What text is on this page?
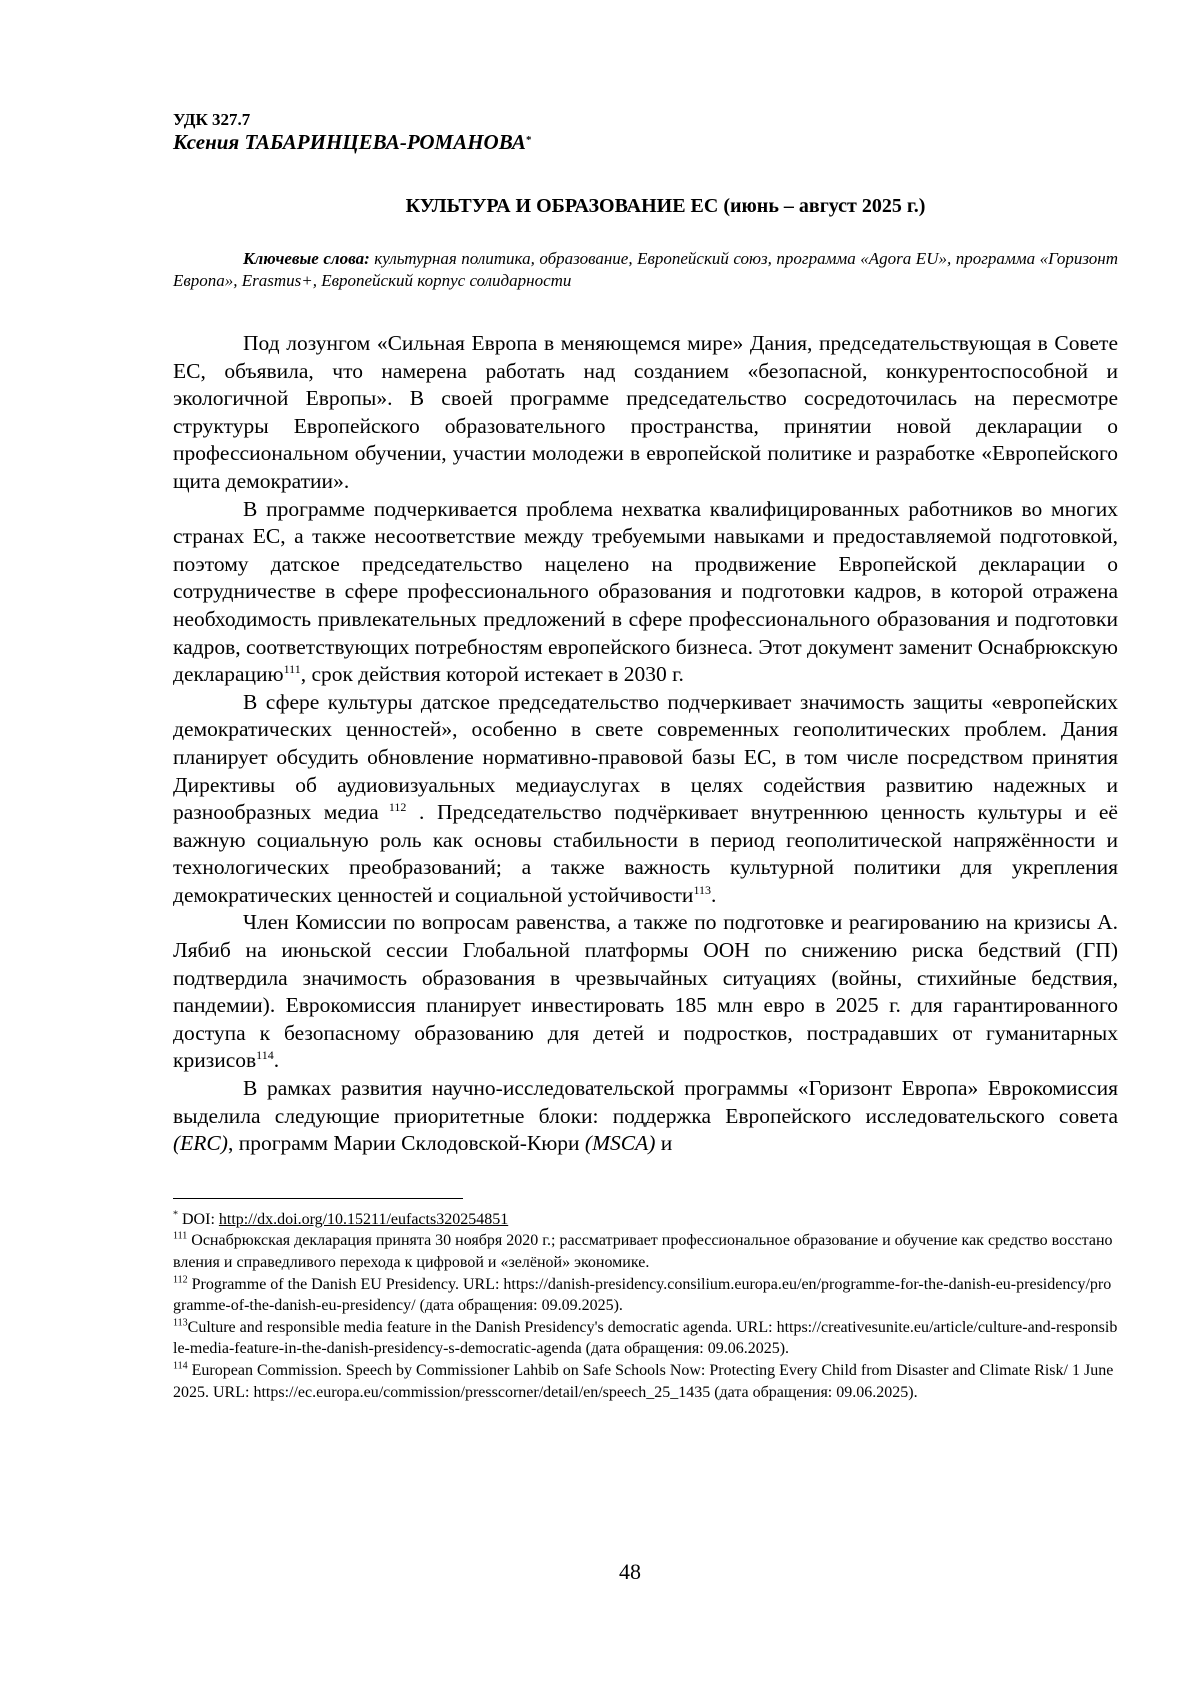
УДК 327.7

Ксения ТАБАРИНЦЕВА-РОМАНОВА*

КУЛЬТУРА И ОБРАЗОВАНИЕ ЕС (июнь – август 2025 г.)

Ключевые слова: культурная политика, образование, Европейский союз, программа «Agora EU», программа «Горизонт Европа», Erasmus+, Европейский корпус солидарности

Под лозунгом «Сильная Европа в меняющемся мире» Дания, председательствующая в Совете ЕС, объявила, что намерена работать над созданием «безопасной, конкурентоспособной и экологичной Европы». В своей программе председательство сосредоточилась на пересмотре структуры Европейского образовательного пространства, принятии новой декларации о профессиональном обучении, участии молодежи в европейской политике и разработке «Европейского щита демократии».

В программе подчеркивается проблема нехватка квалифицированных работников во многих странах ЕС, а также несоответствие между требуемыми навыками и предоставляемой подготовкой, поэтому датское председательство нацелено на продвижение Европейской декларации о сотрудничестве в сфере профессионального образования и подготовки кадров, в которой отражена необходимость привлекательных предложений в сфере профессионального образования и подготовки кадров, соответствующих потребностям европейского бизнеса. Этот документ заменит Оснабрюкскую декларацию$^{111}$, срок действия которой истекает в 2030 г.

В сфере культуры датское председательство подчеркивает значимость защиты «европейских демократических ценностей», особенно в свете современных геополитических проблем. Дания планирует обсудить обновление нормативно-правовой базы ЕС, в том числе посредством принятия Директивы об аудиовизуальных медиауслугах в целях содействия развитию надежных и разнообразных медиа $^{112}$ . Председательство подчёркивает внутреннюю ценность культуры и её важную социальную роль как основы стабильности в период геополитической напряжённости и технологических преобразований; а также важность культурной политики для укрепления демократических ценностей и социальной устойчивости$^{113}$.

Член Комиссии по вопросам равенства, а также по подготовке и реагированию на кризисы А. Лябиб на июньской сессии Глобальной платформы ООН по снижению риска бедствий (ГП) подтвердила значимость образования в чрезвычайных ситуациях (войны, стихийные бедствия, пандемии). Еврокомиссия планирует инвестировать 185 млн евро в 2025 г. для гарантированного доступа к безопасному образованию для детей и подростков, пострадавших от гуманитарных кризисов$^{114}$.

В рамках развития научно-исследовательской программы «Горизонт Европа» Еврокомиссия выделила следующие приоритетные блоки: поддержка Европейского исследовательского совета (ERC), программ Марии Склодовской-Кюри (MSCA) и

* DOI: http://dx.doi.org/10.15211/eufacts320254851

$^{111}$ Оснабрюкская декларация принята 30 ноября 2020 г.; рассматривает профессиональное образование и обучение как средство восстановления и справедливого перехода к цифровой и «зелёной» экономике.

$^{112}$ Programme of the Danish EU Presidency. URL: https://danish-presidency.consilium.europa.eu/en/programme-for-the-danish-eu-presidency/programme-of-the-danish-eu-presidency/ (дата обращения: 09.09.2025).

$^{113}$Culture and responsible media feature in the Danish Presidency's democratic agenda. URL: https://creativesunite.eu/article/culture-and-responsible-media-feature-in-the-danish-presidency-s-democratic-agenda (дата обращения: 09.06.2025).

$^{114}$ European Commission. Speech by Commissioner Lahbib on Safe Schools Now: Protecting Every Child from Disaster and Climate Risk/ 1 June 2025. URL: https://ec.europa.eu/commission/presscorner/detail/en/speech_25_1435 (дата обращения: 09.06.2025).

48
